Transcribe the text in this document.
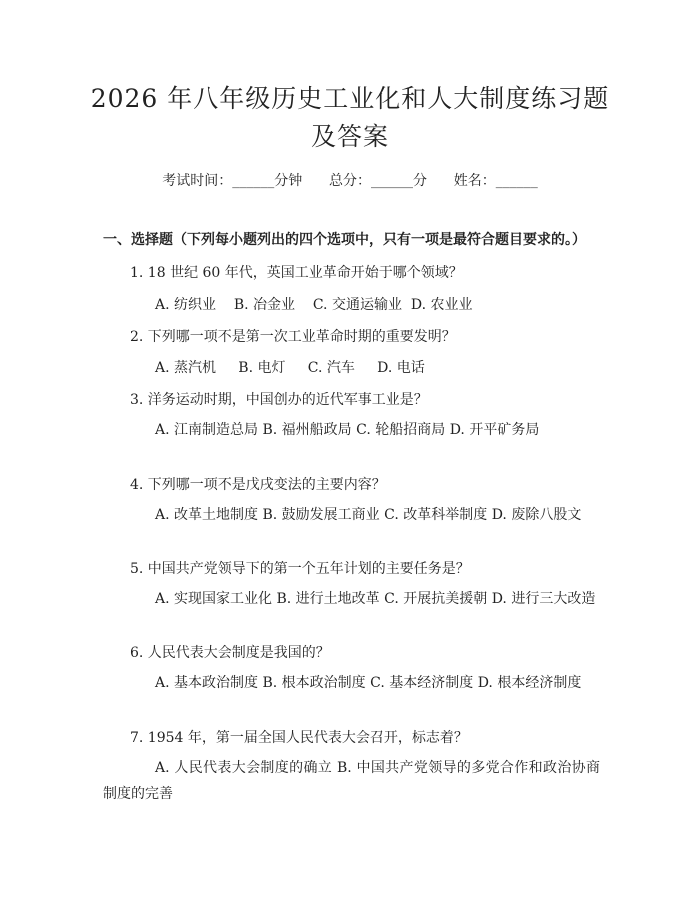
2026 年八年级历史工业化和人大制度练习题
及答案
考试时间：______分钟      总分：______分      姓名：______
一、选择题（下列每小题列出的四个选项中，只有一项是最符合题目要求的。）
1. 18 世纪 60 年代，英国工业革命开始于哪个领域？
A. 纺织业 B. 冶金业 C. 交通运输业 D. 农业业
2. 下列哪一项不是第一次工业革命时期的重要发明？
A. 蒸汽机 B. 电灯 C. 汽车 D. 电话
3. 洋务运动时期，中国创办的近代军事工业是？
A. 江南制造总局 B. 福州船政局 C. 轮船招商局 D. 开平矿务局
4. 下列哪一项不是戊戌变法的主要内容？
A. 改革土地制度 B. 鼓励发展工商业 C. 改革科举制度 D. 废除八股文
5. 中国共产党领导下的第一个五年计划的主要任务是？
A. 实现国家工业化 B. 进行土地改革 C. 开展抗美援朝 D. 进行三大改造
6. 人民代表大会制度是我国的？
A. 基本政治制度 B. 根本政治制度 C. 基本经济制度 D. 根本经济制度
7. 1954 年，第一届全国人民代表大会召开，标志着？
A. 人民代表大会制度的确立 B. 中国共产党领导的多党合作和政治协商制度的完善
